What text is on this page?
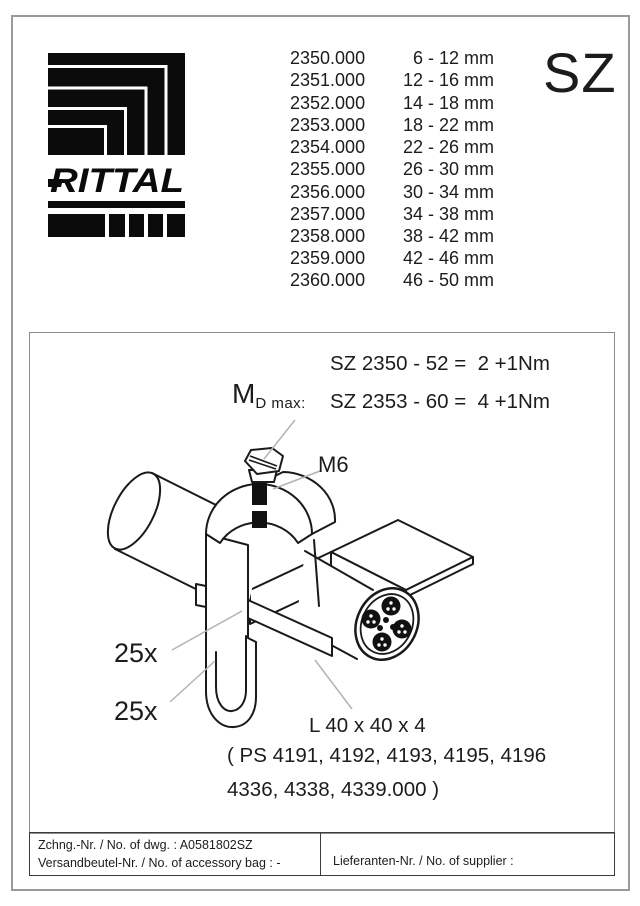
RITTAL
2350.000	6 - 12 mm
2351.000	12 - 16 mm
2352.000	14 - 18 mm
2353.000	18 - 22 mm
2354.000	22 - 26 mm
2355.000	26 - 30 mm
2356.000	30 - 34 mm
2357.000	34 - 38 mm
2358.000	38 - 42 mm
2359.000	42 - 46 mm
2360.000	46 - 50 mm
SZ
$M_{D max:}$
SZ 2350 - 52 =  2 +1Nm
SZ 2353 - 60 =  4 +1Nm
M6
25x
25x	L 40 x 40 x 4
( PS 4191, 4192, 4193, 4195, 4196
4336, 4338, 4339.000 )
Zchng.-Nr. / No. of dwg. : A0581802SZ
Versandbeutel-Nr. / No. of accessory bag : -	Lieferanten-Nr. / No. of supplier :
